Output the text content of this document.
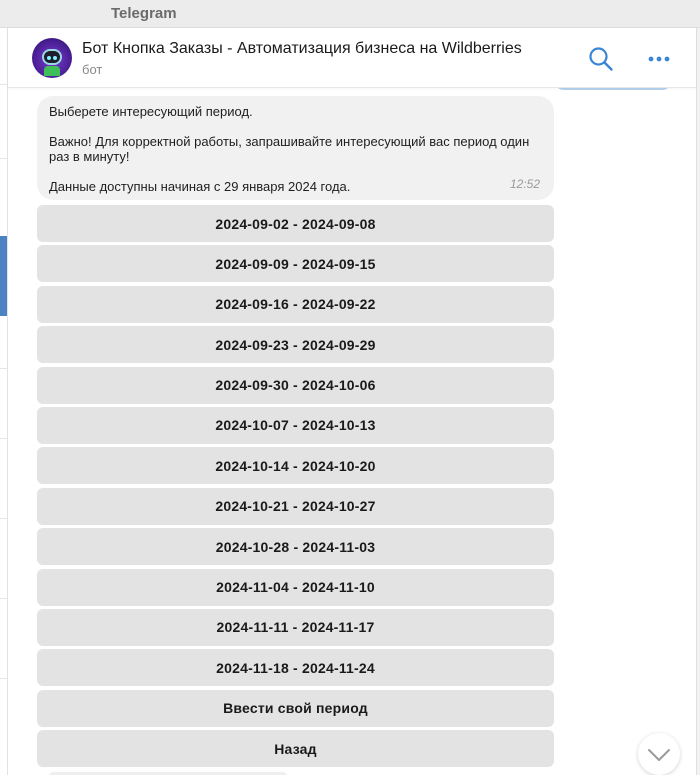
Telegram
Бот Кнопка Заказы - Автоматизация бизнеса на Wildberries
бот

Выберете интересующий период.

Важно! Для корректной работы, запрашивайте интересующий вас период один раз в минуту!

Данные доступны начиная с 29 января 2024 года.	12:52
2024-09-02 - 2024-09-08
2024-09-09 - 2024-09-15
2024-09-16 - 2024-09-22
2024-09-23 - 2024-09-29
2024-09-30 - 2024-10-06
2024-10-07 - 2024-10-13
2024-10-14 - 2024-10-20
2024-10-21 - 2024-10-27
2024-10-28 - 2024-11-03
2024-11-04 - 2024-11-10
2024-11-11 - 2024-11-17
2024-11-18 - 2024-11-24
Ввести свой период
Назад
